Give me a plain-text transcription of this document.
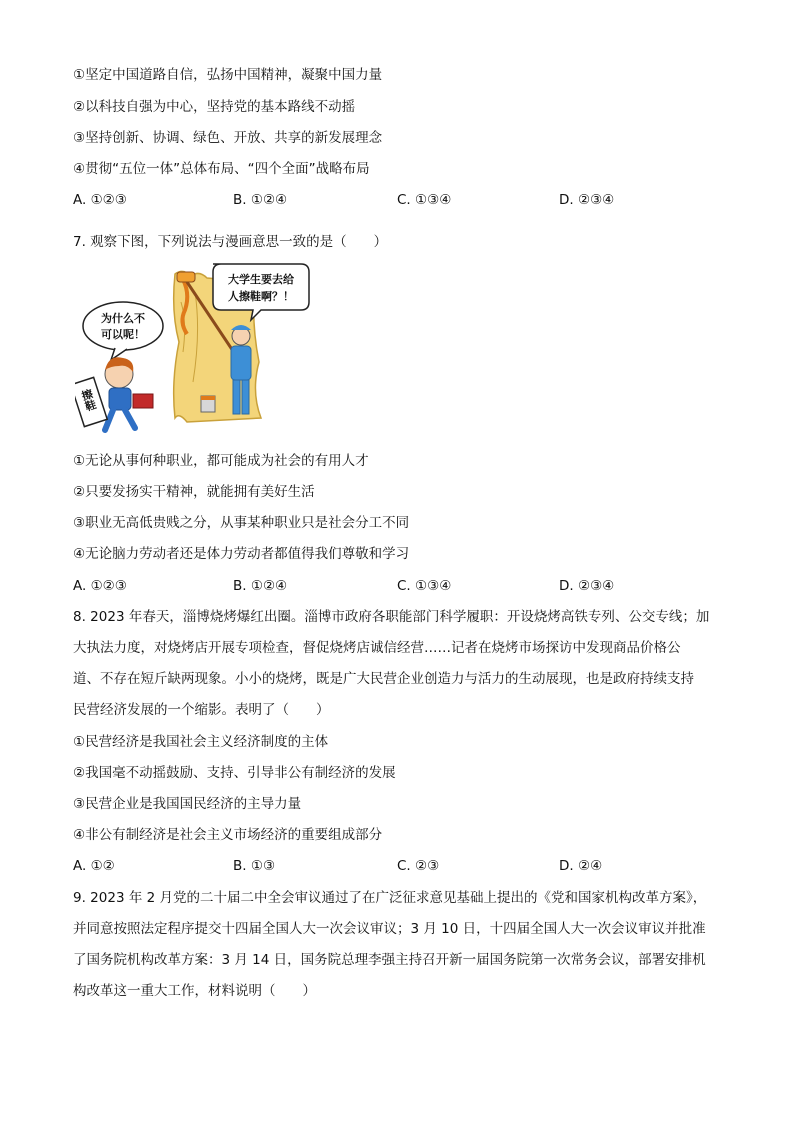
①坚定中国道路自信，弘扬中国精神，凝聚中国力量
②以科技自强为中心，坚持党的基本路线不动摇
③坚持创新、协调、绿色、开放、共享的新发展理念
④贯彻“五位一体”总体布局、“四个全面”战略布局
A. ①②③	B. ①②④	C. ①③④	D. ②③④
7. 观察下图，下列说法与漫画意思一致的是（　　）
大学生要去给
人擦鞋啊？！
为什么不
可以呢！
擦鞋
①无论从事何种职业，都可能成为社会的有用人才
②只要发扬实干精神，就能拥有美好生活
③职业无高低贵贱之分，从事某种职业只是社会分工不同
④无论脑力劳动者还是体力劳动者都值得我们尊敬和学习
A. ①②③	B. ①②④	C. ①③④	D. ②③④
8. 2023 年春天，淄博烧烤爆红出圈。淄博市政府各职能部门科学履职：开设烧烤高铁专列、公交专线；加
大执法力度，对烧烤店开展专项检查，督促烧烤店诚信经营……记者在烧烤市场探访中发现商品价格公
道、不存在短斤缺两现象。小小的烧烤，既是广大民营企业创造力与活力的生动展现，也是政府持续支持
民营经济发展的一个缩影。表明了（　　）
①民营经济是我国社会主义经济制度的主体
②我国毫不动摇鼓励、支持、引导非公有制经济的发展
③民营企业是我国国民经济的主导力量
④非公有制经济是社会主义市场经济的重要组成部分
A. ①②	B. ①③	C. ②③	D. ②④
9. 2023 年 2 月党的二十届二中全会审议通过了在广泛征求意见基础上提出的《党和国家机构改革方案》，
并同意按照法定程序提交十四届全国人大一次会议审议；3 月 10 日，十四届全国人大一次会议审议并批准
了国务院机构改革方案：3 月 14 日，国务院总理李强主持召开新一届国务院第一次常务会议，部署安排机
构改革这一重大工作，材料说明（　　）
